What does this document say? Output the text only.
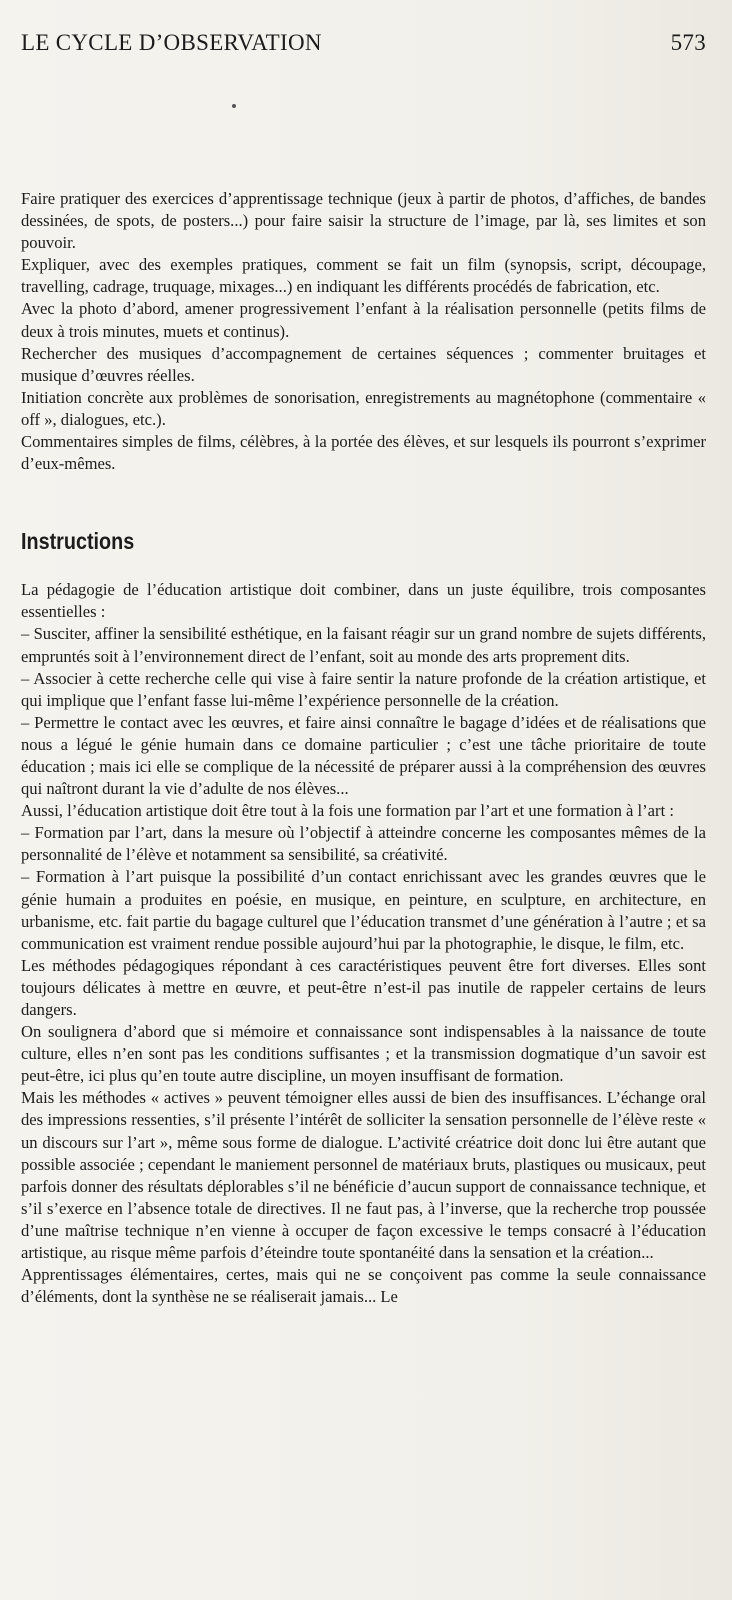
LE CYCLE D’OBSERVATION	573

Faire pratiquer des exercices d’apprentissage technique (jeux à partir de photos, d’affiches, de bandes dessinées, de spots, de posters...) pour faire saisir la structure de l’image, par là, ses limites et son pouvoir.

Expliquer, avec des exemples pratiques, comment se fait un film (synopsis, script, découpage, travelling, cadrage, truquage, mixages...) en indiquant les différents procédés de fabrication, etc.

Avec la photo d’abord, amener progressivement l’enfant à la réalisation personnelle (petits films de deux à trois minutes, muets et continus).

Rechercher des musiques d’accompagnement de certaines séquences ; commenter bruitages et musique d’œuvres réelles.

Initiation concrète aux problèmes de sonorisation, enregistrements au magnétophone (commentaire « off », dialogues, etc.).

Commentaires simples de films, célèbres, à la portée des élèves, et sur lesquels ils pourront s’exprimer d’eux-mêmes.

Instructions

La pédagogie de l’éducation artistique doit combiner, dans un juste équilibre, trois composantes essentielles :

– Susciter, affiner la sensibilité esthétique, en la faisant réagir sur un grand nombre de sujets différents, empruntés soit à l’environnement direct de l’enfant, soit au monde des arts proprement dits.

– Associer à cette recherche celle qui vise à faire sentir la nature profonde de la création artistique, et qui implique que l’enfant fasse lui-même l’expérience personnelle de la création.

– Permettre le contact avec les œuvres, et faire ainsi connaître le bagage d’idées et de réalisations que nous a légué le génie humain dans ce domaine particulier ; c’est une tâche prioritaire de toute éducation ; mais ici elle se complique de la nécessité de préparer aussi à la compréhension des œuvres qui naîtront durant la vie d’adulte de nos élèves...

Aussi, l’éducation artistique doit être tout à la fois une formation par l’art et une formation à l’art :

– Formation par l’art, dans la mesure où l’objectif à atteindre concerne les composantes mêmes de la personnalité de l’élève et notamment sa sensibilité, sa créativité.

– Formation à l’art puisque la possibilité d’un contact enrichissant avec les grandes œuvres que le génie humain a produites en poésie, en musique, en peinture, en sculpture, en architecture, en urbanisme, etc. fait partie du bagage culturel que l’éducation transmet d’une génération à l’autre ; et sa communication est vraiment rendue possible aujourd’hui par la photographie, le disque, le film, etc.

Les méthodes pédagogiques répondant à ces caractéristiques peuvent être fort diverses. Elles sont toujours délicates à mettre en œuvre, et peut-être n’est-il pas inutile de rappeler certains de leurs dangers.

On soulignera d’abord que si mémoire et connaissance sont indispensables à la naissance de toute culture, elles n’en sont pas les conditions suffisantes ; et la transmission dogmatique d’un savoir est peut-être, ici plus qu’en toute autre discipline, un moyen insuffisant de formation.

Mais les méthodes « actives » peuvent témoigner elles aussi de bien des insuffisances. L’échange oral des impressions ressenties, s’il présente l’intérêt de solliciter la sensation personnelle de l’élève reste « un discours sur l’art », même sous forme de dialogue. L’activité créatrice doit donc lui être autant que possible associée ; cependant le maniement personnel de matériaux bruts, plastiques ou musicaux, peut parfois donner des résultats déplorables s’il ne bénéficie d’aucun support de connaissance technique, et s’il s’exerce en l’absence totale de directives. Il ne faut pas, à l’inverse, que la recherche trop poussée d’une maîtrise technique n’en vienne à occuper de façon excessive le temps consacré à l’éducation artistique, au risque même parfois d’éteindre toute spontanéité dans la sensation et la création...

Apprentissages élémentaires, certes, mais qui ne se conçoivent pas comme la seule connaissance d’éléments, dont la synthèse ne se réaliserait jamais... Le
